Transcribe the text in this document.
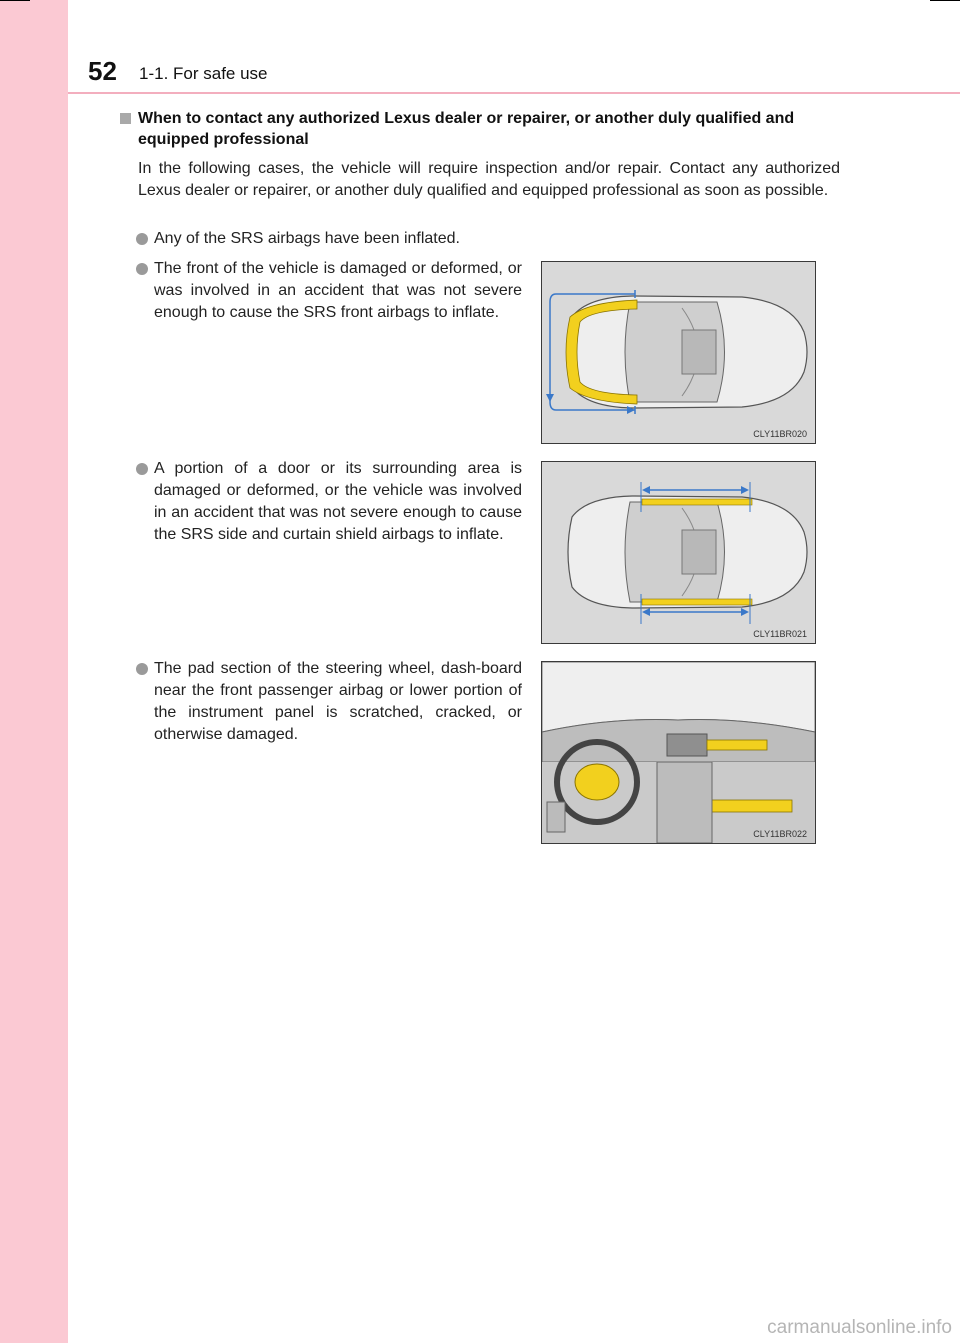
52 1-1. For safe use
When to contact any authorized Lexus dealer or repairer, or another duly qualified and equipped professional
In the following cases, the vehicle will require inspection and/or repair. Contact any authorized Lexus dealer or repairer, or another duly qualified and equipped professional as soon as possible.
Any of the SRS airbags have been inflated.
The front of the vehicle is damaged or deformed, or was involved in an accident that was not severe enough to cause the SRS front airbags to inflate.
CLY11BR020
A portion of a door or its surrounding area is damaged or deformed, or the vehicle was involved in an accident that was not severe enough to cause the SRS side and curtain shield airbags to inflate.
CLY11BR021
The pad section of the steering wheel, dash-board near the front passenger airbag or lower portion of the instrument panel is scratched, cracked, or otherwise damaged.
CLY11BR022
carmanualsonline.info
